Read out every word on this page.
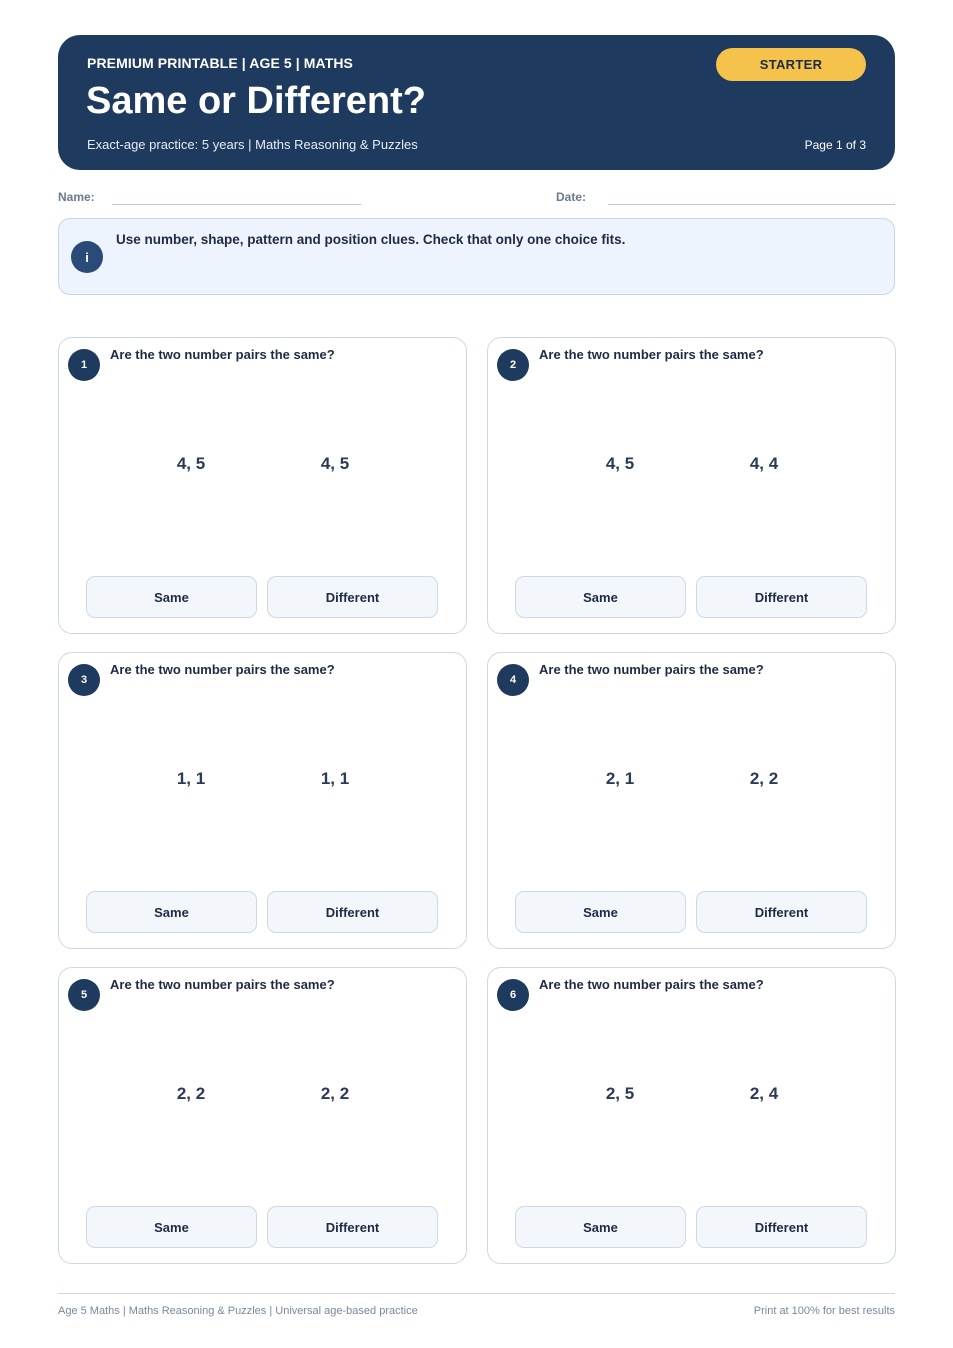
PREMIUM PRINTABLE | AGE 5 | MATHS
Same or Different?
Exact-age practice: 5 years | Maths Reasoning & Puzzles
STARTER
Page 1 of 3
Name:	Date:
i
Use number, shape, pattern and position clues. Check that only one choice fits.
1
Are the two number pairs the same?
4, 5	4, 5
Same	Different
2
Are the two number pairs the same?
4, 5	4, 4
Same	Different
3
Are the two number pairs the same?
1, 1	1, 1
Same	Different
4
Are the two number pairs the same?
2, 1	2, 2
Same	Different
5
Are the two number pairs the same?
2, 2	2, 2
Same	Different
6
Are the two number pairs the same?
2, 5	2, 4
Same	Different
Age 5 Maths | Maths Reasoning & Puzzles | Universal age-based practice	Print at 100% for best results
